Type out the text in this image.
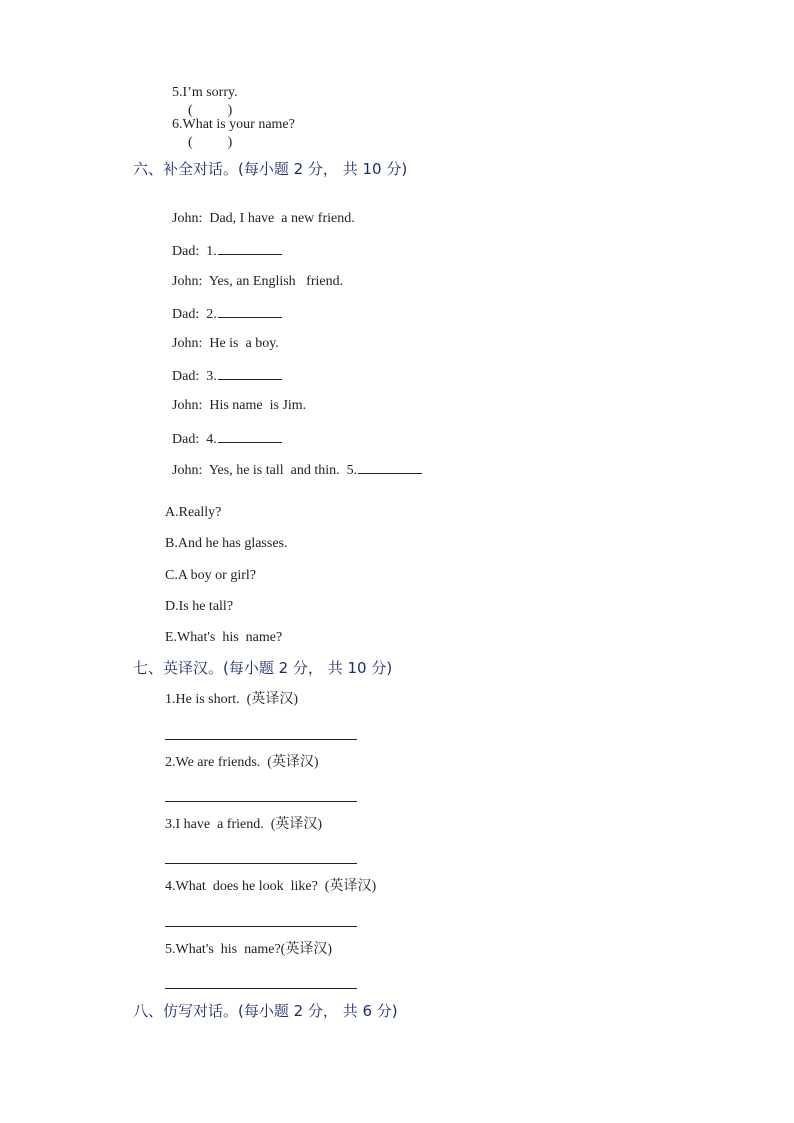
5.I’m sorry.
(          )

6.What is your name?
(          )

六、补全对话。(每小题 2 分， 共 10 分)

John:  Dad, I have  a new friend.

Dad:  1.

John:  Yes, an English   friend.

Dad:  2.

John:  He is  a boy.

Dad:  3.

John:  His name  is Jim.

Dad:  4.

John:  Yes, he is tall  and thin.  5.

A.Really?
B.And he has glasses.
C.A boy or girl?
D.Is he tall?
E.What's  his  name?
七、英译汉。(每小题 2 分， 共 10 分)
1.He is short.  (英译汉)
2.We are friends.  (英译汉)
3.I have  a friend.  (英译汉)
4.What  does he look  like?  (英译汉)
5.What's  his  name?(英译汉)
八、仿写对话。(每小题 2 分， 共 6 分)
